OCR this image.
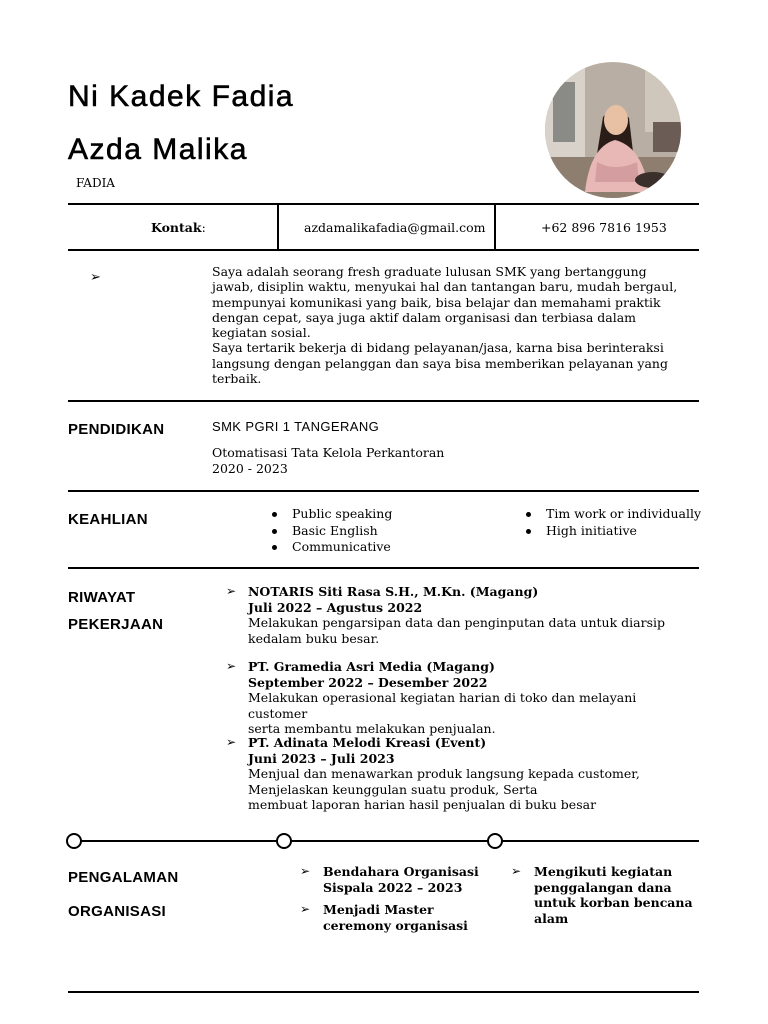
Ni Kadek Fadia
Azda Malika
FADIA
Kontak:	azdamalikafadia@gmail.com	+62 896 7816 1953
➢	Saya adalah seorang fresh graduate lulusan SMK yang bertanggung jawab, disiplin waktu, menyukai hal dan tantangan baru, mudah bergaul, mempunyai komunikasi yang baik, bisa belajar dan memahami praktik dengan cepat, saya juga aktif dalam organisasi dan terbiasa dalam kegiatan sosial.
Saya tertarik bekerja di bidang pelayanan/jasa, karna bisa berinteraksi langsung dengan pelanggan dan saya bisa memberikan pelayanan yang terbaik.
PENDIDIKAN	SMK PGRI 1 TANGERANG
Otomatisasi Tata Kelola Perkantoran
2020 - 2023
KEAHLIAN	Public speaking
Basic English
Communicative
Tim work or individually
High initiative
RIWAYAT
PEKERJAAN
➢ NOTARIS Siti Rasa S.H., M.Kn. (Magang)
Juli 2022 – Agustus 2022
Melakukan pengarsipan data dan penginputan data untuk diarsip
kedalam buku besar.
➢ PT. Gramedia Asri Media (Magang)
September 2022 – Desember 2022
Melakukan operasional kegiatan harian di toko dan melayani customer
serta membantu melakukan penjualan.
➢ PT. Adinata Melodi Kreasi (Event)
Juni 2023 – Juli 2023
Menjual dan menawarkan produk langsung kepada customer,
Menjelaskan keunggulan suatu produk, Serta
membuat laporan harian hasil penjualan di buku besar
PENGALAMAN
ORGANISASI
➢ Bendahara Organisasi
Sispala 2022 – 2023
➢ Menjadi Master
ceremony organisasi
➢ Mengikuti kegiatan
penggalangan dana
untuk korban bencana
alam
